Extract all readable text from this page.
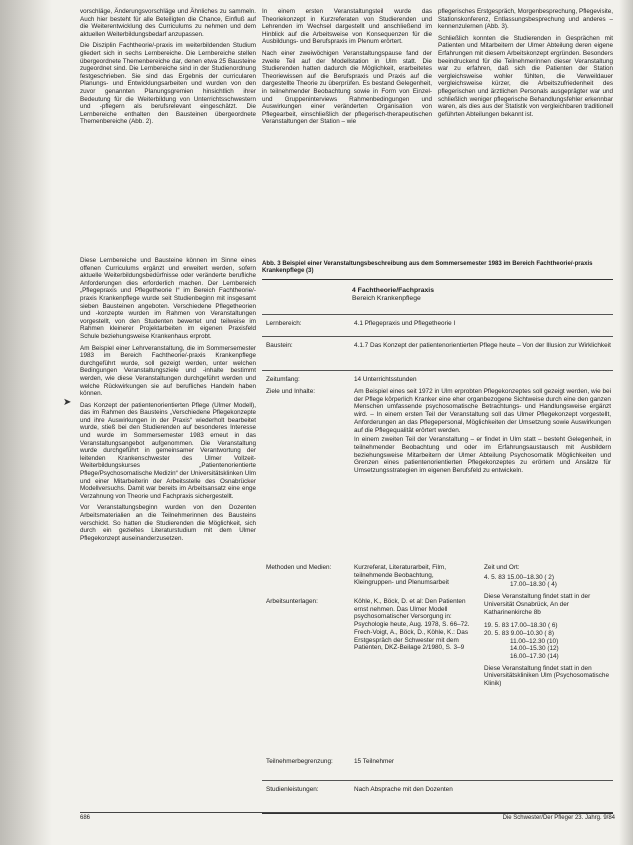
vorschläge, Änderungsvorschläge und Ähnliches zu sammeln. Auch hier besteht für alle Beteiligten die Chance, Einfluß auf die Weiterentwicklung des Curriculums zu nehmen und dem aktuellen Weiterbildungsbedarf anzupassen.

Die Disziplin Fachtheorie/-praxis im weiterbildenden Studium gliedert sich in sechs Lernbereiche. Die Lernbereiche stellen übergeordnete Themenbereiche dar, denen etwa 25 Bausteine zugeordnet sind. Die Lernbereiche sind in der Studienordnung festgeschrieben. Sie sind das Ergebnis der curricularen Planungs- und Entwicklungsarbeiten und wurden von den zuvor genannten Planungsgremien hinsichtlich ihrer Bedeutung für die Weiterbildung von Unterrichtsschwestern und -pflegern als berufsrelevant eingeschätzt. Die Lernbereiche enthalten den Bausteinen übergeordnete Themenbereiche (Abb. 2).

Diese Lernbereiche und Bausteine können im Sinne eines offenen Curriculums ergänzt und erweitert werden, sofern aktuelle Weiterbildungsbedürfnisse oder veränderte berufliche Anforderungen dies erforderlich machen. Der Lernbereich „Pflegepraxis und Pflegetheorie I“ im Bereich Fachtheorie/-praxis Krankenpflege wurde seit Studienbeginn mit insgesamt sieben Bausteinen angeboten. Verschiedene Pflegetheorien und -konzepte wurden im Rahmen von Veranstaltungen vorgestellt, von den Studenten bewertet und teilweise im Rahmen kleinerer Projektarbeiten im eigenen Praxisfeld Schule beziehungsweise Krankenhaus erprobt.

Am Beispiel einer Lehrveranstaltung, die im Sommersemester 1983 im Bereich Fachtheorie/-praxis Krankenpflege durchgeführt wurde, soll gezeigt werden, unter welchen Bedingungen Veranstaltungsziele und -inhalte bestimmt werden, wie diese Veranstaltungen durchgeführt werden und welche Rückwirkungen sie auf berufliches Handeln haben können.

Das Konzept der patientenorientierten Pflege (Ulmer Modell), das im Rahmen des Bausteins „Verschiedene Pflegekonzepte und ihre Auswirkungen in der Praxis“ wiederholt bearbeitet wurde, stieß bei den Studierenden auf besonderes Interesse und wurde im Sommersemester 1983 erneut in das Veranstaltungsangebot aufgenommen. Die Veranstaltung wurde durchgeführt in gemeinsamer Verantwortung der leitenden Krankenschwester des Ulmer Vollzeit-Weiterbildungskurses „Patientenorientierte Pflege/Psychosomatische Medizin“ der Universitätsklinken Ulm und einer Mitarbeiterin der Arbeitsstelle des Osnabrücker Modellversuchs. Damit war bereits im Arbeitsansatz eine enge Verzahnung von Theorie und Fachpraxis sichergestellt.

Vor Veranstaltungsbeginn wurden von den Dozenten Arbeitsmaterialien an die Teilnehmerinnen des Bausteins verschickt. So hatten die Studierenden die Möglichkeit, sich durch ein gezieltes Literaturstudium mit dem Ulmer Pflegekonzept auseinanderzusetzen.

➤

In einem ersten Veranstaltungsteil wurde das Theoriekonzept in Kurzreferaten von Studierenden und Lehrenden im Wechsel dargestellt und anschließend im Hinblick auf die Arbeitsweise von Konsequenzen für die Ausbildungs- und Berufspraxis im Plenum erörtert.

Nach einer zweiwöchigen Veranstaltungspause fand der zweite Teil auf der Modellstation in Ulm statt. Die Studierenden hatten dadurch die Möglichkeit, erarbeitetes Theoriewissen auf die Berufspraxis und Praxis auf die dargestellte Theorie zu überprüfen. Es bestand Gelegenheit, in teilnehmender Beobachtung sowie in Form von Einzel- und Gruppeninterviews Rahmenbedingungen und Auswirkungen einer veränderten Organisation von Pflegearbeit, einschließlich der pflegerisch-therapeutischen Veranstaltungen der Station – wie

pflegerisches Erstgespräch, Morgenbesprechung, Pflegevisite, Stationskonferenz, Entlassungsbesprechung und anderes – kennenzulernen (Abb. 3).

Schließlich konnten die Studierenden in Gesprächen mit Patienten und Mitarbeitern der Ulmer Abteilung deren eigene Erfahrungen mit diesem Arbeitskonzept ergründen. Besonders beeindruckend für die Teilnehmerinnen dieser Veranstaltung war zu erfahren, daß sich die Patienten der Station vergleichsweise wohler fühlten, die Verweildauer vergleichsweise kürzer, die Arbeitszufriedenheit des pflegerischen und ärztlichen Personals ausgeprägter war und schließlich weniger pflegerische Behandlungsfehler erkennbar waren, als dies aus der Statistik von vergleichbaren traditionell geführten Abteilungen bekannt ist.

Abb. 3 Beispiel einer Veranstaltungsbeschreibung aus dem Sommersemester 1983 im Bereich Fachtheorie/-praxis Krankenpflege (3)
4 Fachtheorie/Fachpraxis
Bereich Krankenpflege
Lernbereich:	4.1 Pflegepraxis und Pflegetheorie I
Baustein:	4.1.7 Das Konzept der patientenorientierten Pflege heute – Von der Illusion zur Wirklichkeit
Zeitumfang:	14 Unterrichtsstunden
Ziele und Inhalte:	Am Beispiel eines seit 1972 in Ulm erprobten Pflegekonzeptes soll gezeigt werden, wie bei der Pflege körperlich Kranker eine eher organbezogene Sichtweise durch eine den ganzen Menschen umfassende psychosomatische Betrachtungs- und Handlungsweise ergänzt wird. – In einem ersten Teil der Veranstaltung soll das Ulmer Pflegekonzept vorgestellt, Anforderungen an das Pflegepersonal, Möglichkeiten der Umsetzung sowie Auswirkungen auf die Pflegequalität erörtert werden.

In einem zweiten Teil der Veranstaltung – er findet in Ulm statt – besteht Gelegenheit, in teilnehmender Beobachtung und oder im Erfahrungsaustausch mit Ausbildern beziehungsweise Mitarbeitern der Ulmer Abteilung Psychosomatik Möglichkeiten und Grenzen eines patientenorientierten Pflegekonzeptes zu erörtern und Ansätze für Umsetzungsstrategien im eigenen Berufsfeld zu entwickeln.

Methoden und Medien:	Kurzreferat, Literaturarbeit, Film, teilnehmende Beobachtung, Kleingruppen- und Plenumsarbeit

Zeit und Ort:

4. 5. 83 15.00–18.30 ( 2)
17.00–18.30 ( 4)

Diese Veranstaltung findet statt in der Universität Osnabrück, An der Katharinenkirche 8b

19. 5. 83 17.00–18.30 ( 6)
20. 5. 83 9.00–10.30 ( 8)
11.00–12.30 (10)
14.00–15.30 (12)
16.00–17.30 (14)

Diese Veranstaltung findet statt in den Universitätskliniken Ulm (Psychosomatische Klinik)

Arbeitsunterlagen:	Köhle, K., Böck, D. et al: Den Patienten ernst nehmen. Das Ulmer Modell psychosomatischer Versorgung in: Psychologie heute, Aug. 1978, S. 66–72. Frech-Voigt, A., Böck, D., Köhle, K.: Das Erstgespräch der Schwester mit dem Patienten, DKZ-Beilage 2/1980, S. 3–9
Teilnehmerbegrenzung:	15 Teilnehmer
Studienleistungen:	Nach Absprache mit den Dozenten
686	Die Schwester/Der Pfleger 23. Jahrg. 9/84
